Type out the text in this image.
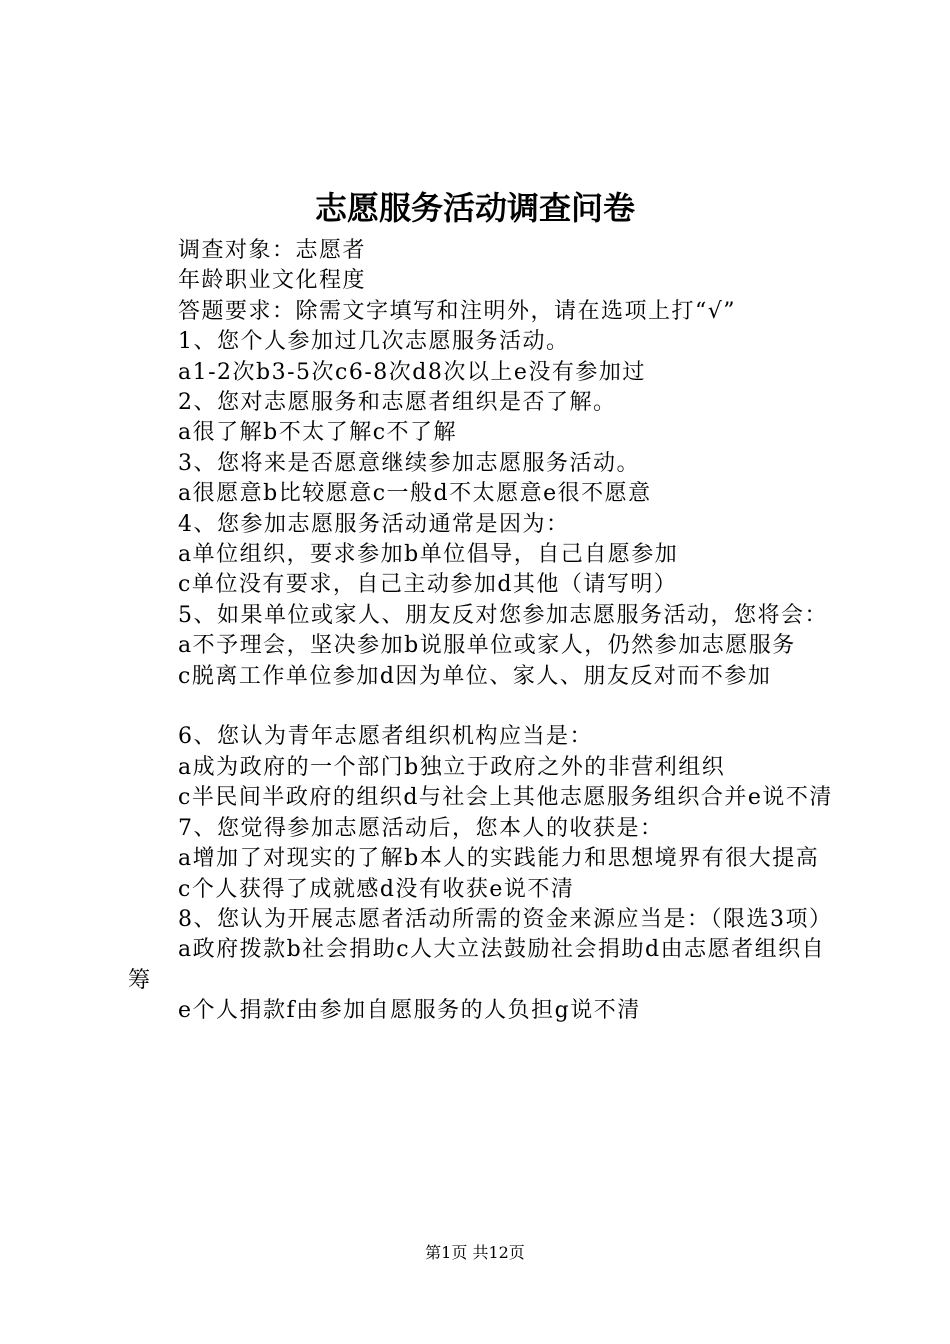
志愿服务活动调查问卷

调查对象：志愿者

年龄职业文化程度

答题要求：除需文字填写和注明外，请在选项上打“√”

1、您个人参加过几次志愿服务活动。

a1-2次b3-5次c6-8次d8次以上e没有参加过

2、您对志愿服务和志愿者组织是否了解。

a很了解b不太了解c不了解

3、您将来是否愿意继续参加志愿服务活动。

a很愿意b比较愿意c一般d不太愿意e很不愿意

4、您参加志愿服务活动通常是因为：

a单位组织，要求参加b单位倡导，自己自愿参加

c单位没有要求，自己主动参加d其他（请写明）

5、如果单位或家人、朋友反对您参加志愿服务活动，您将会：

a不予理会，坚决参加b说服单位或家人，仍然参加志愿服务

c脱离工作单位参加d因为单位、家人、朋友反对而不参加

6、您认为青年志愿者组织机构应当是：

a成为政府的一个部门b独立于政府之外的非营利组织

c半民间半政府的组织d与社会上其他志愿服务组织合并e说不清

7、您觉得参加志愿活动后，您本人的收获是：

a增加了对现实的了解b本人的实践能力和思想境界有很大提高

c个人获得了成就感d没有收获e说不清

8、您认为开展志愿者活动所需的资金来源应当是：（限选3项）

a政府拨款b社会捐助c人大立法鼓励社会捐助d由志愿者组织自筹

e个人捐款f由参加自愿服务的人负担g说不清

第1页 共12页
